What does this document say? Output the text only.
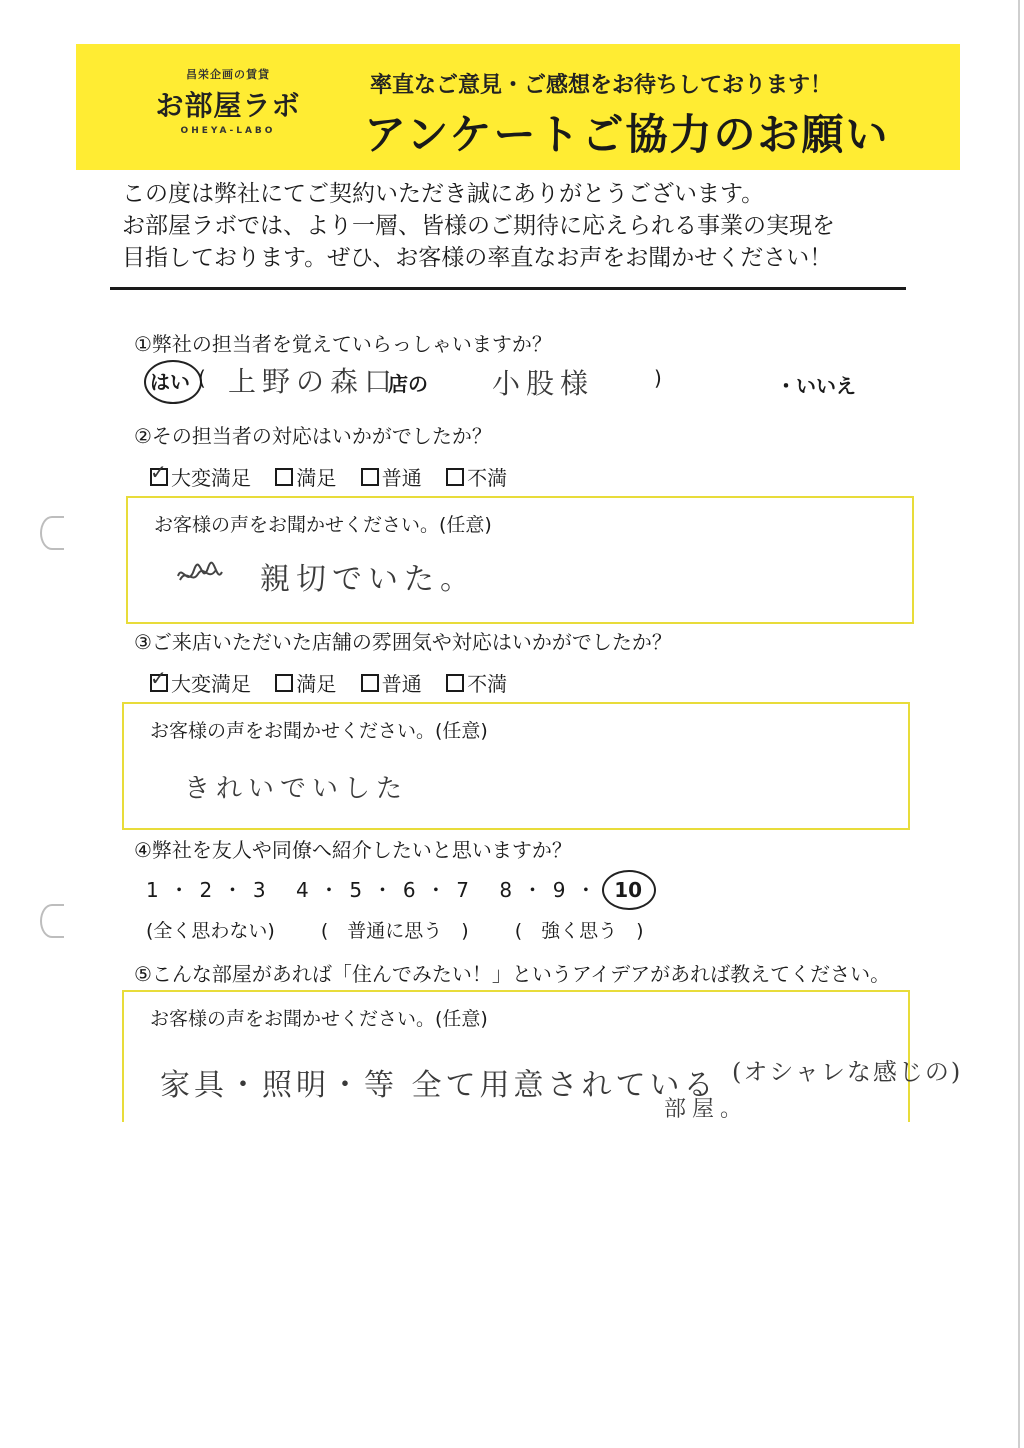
昌栄企画の賃貸
お部屋ラボ
OHEYA-LABO
率直なご意見・ご感想をお待ちしております！
アンケートご協力のお願い

この度は弊社にてご契約いただき誠にありがとうございます。

お部屋ラボでは、より一層、皆様のご期待に応えられる事業の実現を

目指しております。ぜひ、お客様の率直なお声をお聞かせください！

①弊社の担当者を覚えていらっしゃいますか？
はい ( 上野の森口
店の 小股様	)	・いいえ
②その担当者の対応はいかがでしたか？
✓大変満足 満足 普通 不満
お客様の声をお聞かせください。(任意)
親切でいた。
③ご来店いただいた店舗の雰囲気や対応はいかがでしたか？
✓大変満足 満足 普通 不満
お客様の声をお聞かせください。(任意)
きれいでいした
④弊社を友人や同僚へ紹介したいと思いますか？
1 ・ 2 ・ 3 　4 ・ 5 ・ 6 ・ 7 　8 ・ 9 ・ 10
(全く思わない) (　普通に思う　) (　強く思う　)
⑤こんな部屋があれば「住んでみたい！」というアイデアがあれば教えてください。
お客様の声をお聞かせください。(任意)
家具・照明・等 全て用意されている
部屋。
(オシャレな感じの)
